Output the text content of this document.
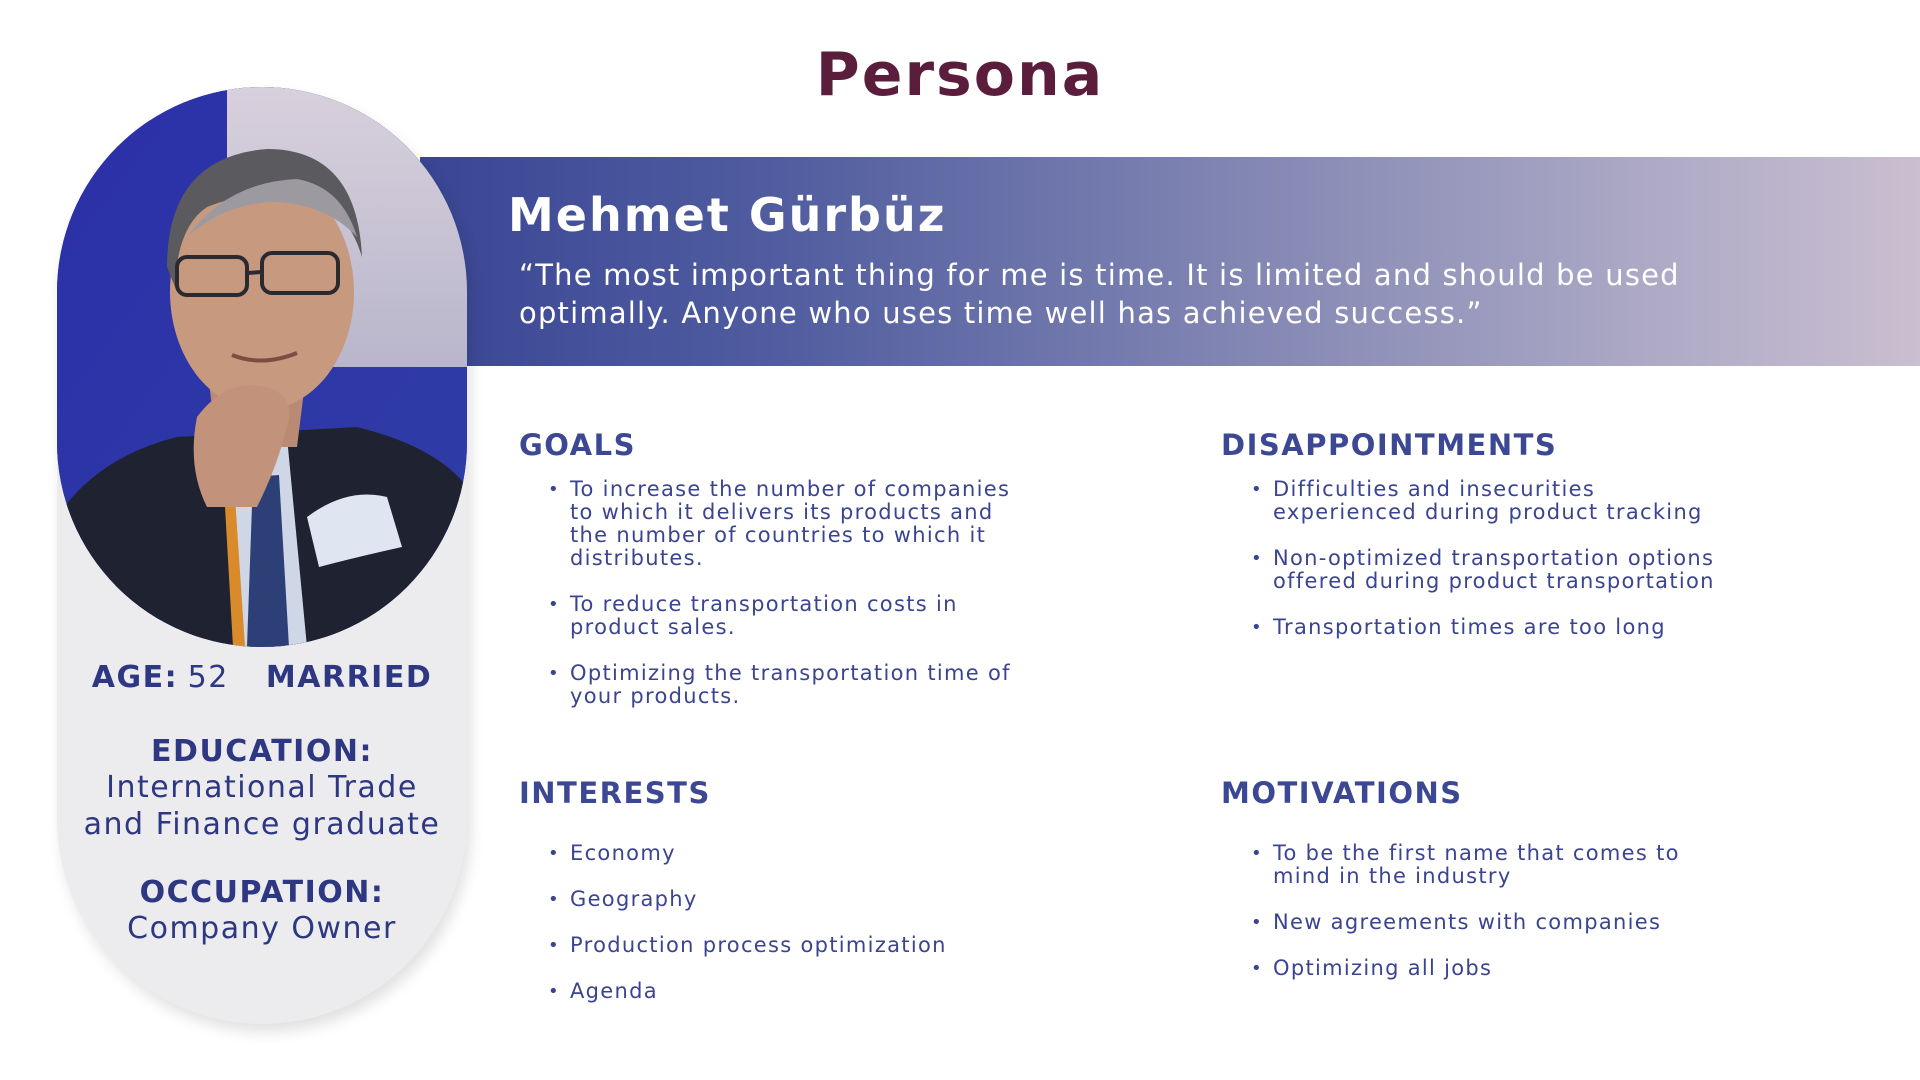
Persona
Mehmet Gürbüz
“The most important thing for me is time. It is limited and should be used
optimally. Anyone who uses time well has achieved success.”
AGE: 52 MARRIED
EDUCATION:
International Trade
and Finance graduate
OCCUPATION:
Company Owner
GOALS
• To increase the number of companies
to which it delivers its products and
the number of countries to which it
distributes.
• To reduce transportation costs in
product sales.
• Optimizing the transportation time of
your products.
DISAPPOINTMENTS
• Difficulties and insecurities
experienced during product tracking
• Non-optimized transportation options
offered during product transportation
• Transportation times are too long
INTERESTS
• Economy
• Geography
• Production process optimization
• Agenda
MOTIVATIONS
• To be the first name that comes to
mind in the industry
• New agreements with companies
• Optimizing all jobs
